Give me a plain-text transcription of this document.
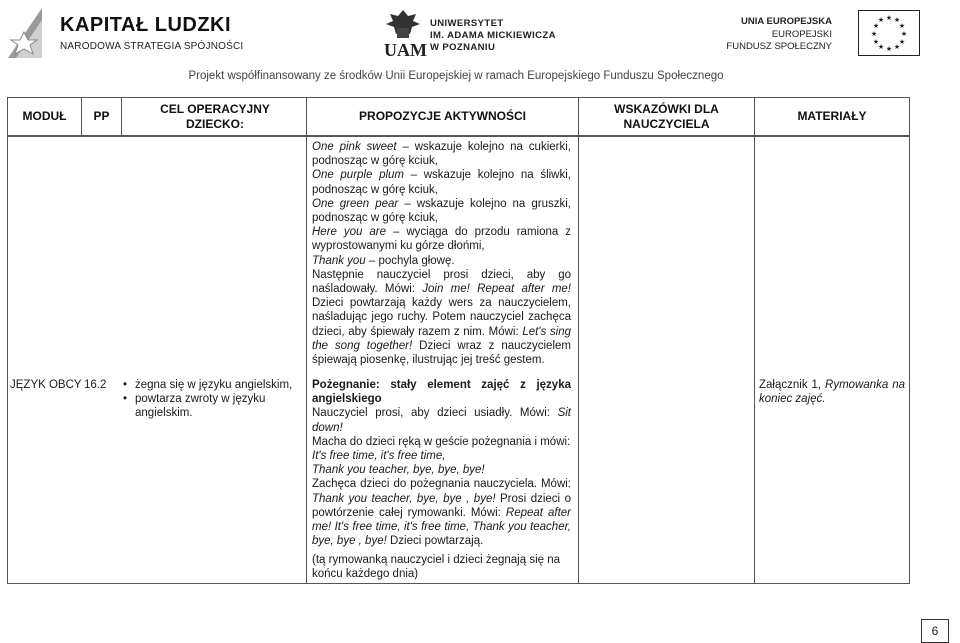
KAPITAŁ LUDZKI
NARODOWA STRATEGIA SPÓJNOŚCI	UAM
UNIWERSYTET
IM. ADAMA MICKIEWICZA
W POZNANIU
UNIA EUROPEJSKA
EUROPEJSKI
FUNDUSZ SPOŁECZNY
★ ★
★
★
★
★
★
★
★
★
★
★
Projekt współfinansowany ze środków Unii Europejskiej w ramach Europejskiego Funduszu Społecznego
MODUŁ	PP
CEL OPERACYJNY DZIECKO:
PROPOZYCJE AKTYWNOŚCI
WSKAZÓWKI DLA NAUCZYCIELA
MATERIAŁY

One pink sweet – wskazuje kolejno na cukierki, podnosząc w górę kciuk,

One purple plum – wskazuje kolejno na śliwki, podnosząc w górę kciuk,

One green pear – wskazuje kolejno na gruszki, podnosząc w górę kciuk,

Here you are – wyciąga do przodu ramiona z wyprostowanymi ku górze dłońmi,

Thank you – pochyla głowę.

Następnie nauczyciel prosi dzieci, aby go naśladowały. Mówi: Join me! Repeat after me! Dzieci powtarzają każdy wers za nauczycielem, naśladując jego ruchy. Potem nauczyciel zachęca dzieci, aby śpiewały razem z nim. Mówi: Let's sing the song together! Dzieci wraz z nauczycielem śpiewają piosenkę, ilustrując jej treść gestem.

JĘZYK OBCY 16.2
•	żegna się w języku angielskim,
• powtarza zwroty w języku angielskim.

Pożegnanie: stały element zajęć z języka angielskiego

Nauczyciel prosi, aby dzieci usiadły. Mówi: Sit down!

Macha do dzieci ręką w geście pożegnania i mówi:

It's free time, it's free time,

Thank you teacher, bye, bye, bye!

Zachęca dzieci do pożegnania nauczyciela. Mówi: Thank you teacher, bye, bye , bye! Prosi dzieci o powtórzenie całej rymowanki. Mówi: Repeat after me! It's free time, it's free time, Thank you teacher, bye, bye , bye! Dzieci powtarzają.

(tą rymowanką nauczyciel i dzieci żegnają się na końcu każdego dnia)

Załącznik 1, Rymowanka na koniec zajęć.

6
